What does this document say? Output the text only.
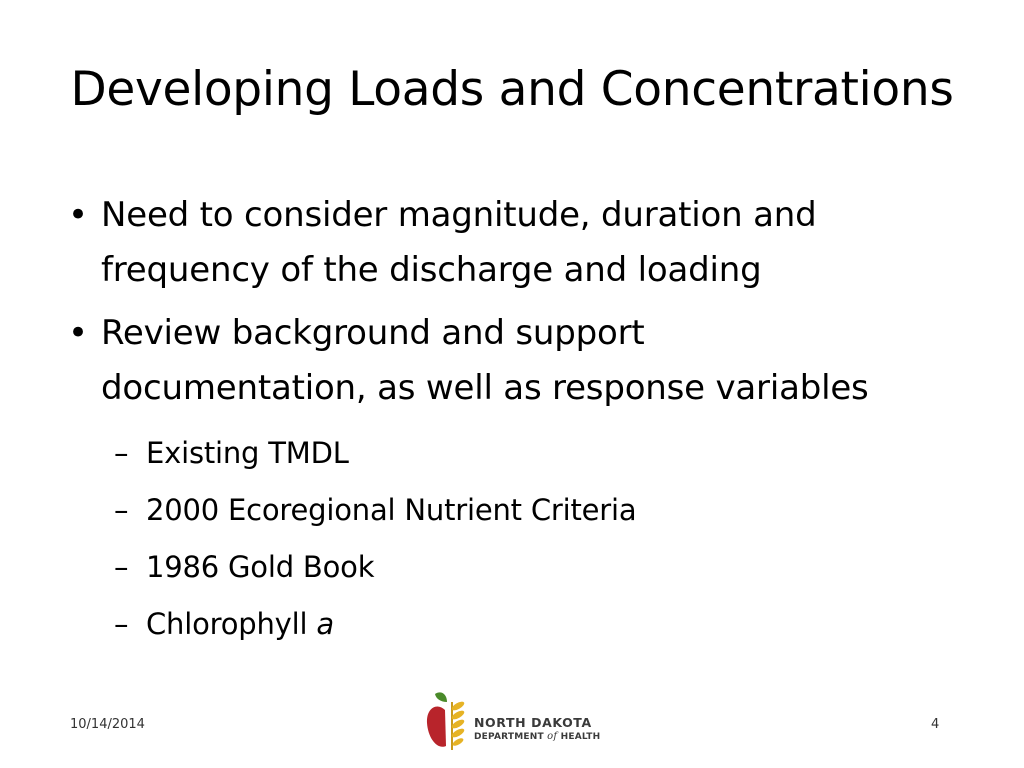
Developing Loads and Concentrations
• Need to consider magnitude, duration and
frequency of the discharge and loading
• Review background and support
documentation, as well as response variables
– Existing TMDL
– 2000 Ecoregional Nutrient Criteria
– 1986 Gold Book
– Chlorophyll a
10/14/2014	NORTH DAKOTA
DEPARTMENT of HEALTH
4
